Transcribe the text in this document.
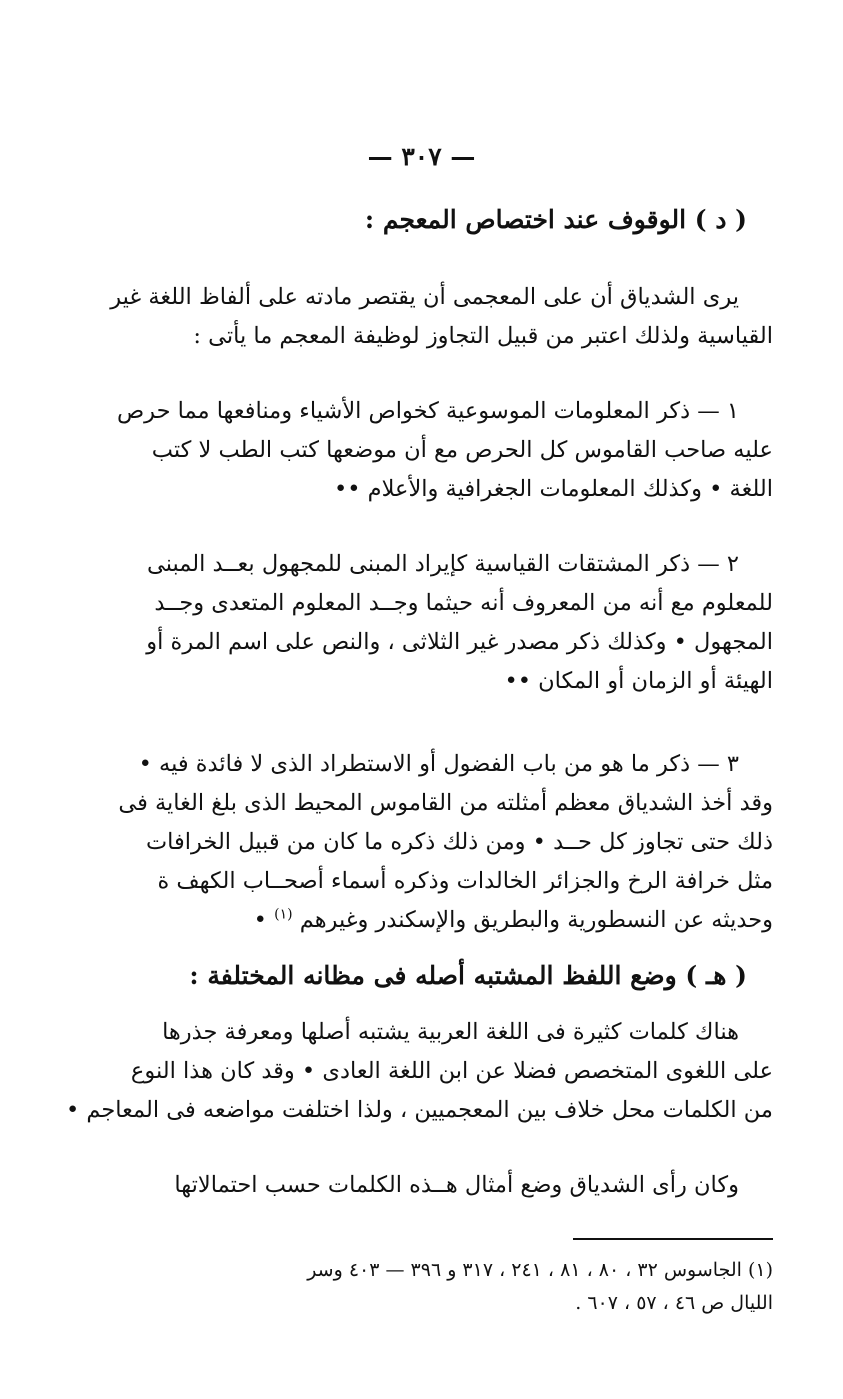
— ٣٠٧ —
( د ) الوقوف عند اختصاص المعجم :
يرى الشدياق أن على المعجمى أن يقتصر مادته على ألفاظ اللغة غير
القياسية ولذلك اعتبر من قبيل التجاوز لوظيفة المعجم ما يأتى :
١ — ذكر المعلومات الموسوعية كخواص الأشياء ومنافعها مما حرص
عليه صاحب القاموس كل الحرص مع أن موضعها كتب الطب لا كتب
اللغة • وكذلك المعلومات الجغرافية والأعلام ••
٢ — ذكر المشتقات القياسية كإيراد المبنى للمجهول بعــد المبنى
للمعلوم مع أنه من المعروف أنه حيثما وجــد المعلوم المتعدى وجــد
المجهول • وكذلك ذكر مصدر غير الثلاثى ، والنص على اسم المرة أو
الهيئة أو الزمان أو المكان ••
٣ — ذكر ما هو من باب الفضول أو الاستطراد الذى لا فائدة فيه •
وقد أخذ الشدياق معظم أمثلته من القاموس المحيط الذى بلغ الغاية فى
ذلك حتى تجاوز كل حــد • ومن ذلك ذكره ما كان من قبيل الخرافات
مثل خرافة الرخ والجزائر الخالدات وذكره أسماء أصحــاب الكهف ة
وحديثه عن النسطورية والبطريق والإسكندر وغيرهم $^{(١)}$ •
( هـ ) وضع اللفظ المشتبه أصله فى مظانه المختلفة :
هناك كلمات كثيرة فى اللغة العربية يشتبه أصلها ومعرفة جذرها
على اللغوى المتخصص فضلا عن ابن اللغة العادى • وقد كان هذا النوع
من الكلمات محل خلاف بين المعجميين ، ولذا اختلفت مواضعه فى المعاجم •
وكان رأى الشدياق وضع أمثال هــذه الكلمات حسب احتمالاتها
(١) الجاسوس ٣٢ ، ٨٠ ، ٨١ ، ٢٤١ ، ٣١٧ و ٣٩٦ — ٤٠٣ وسر
الليال ص ٤٦ ، ٥٧ ، ٦٠٧ .
